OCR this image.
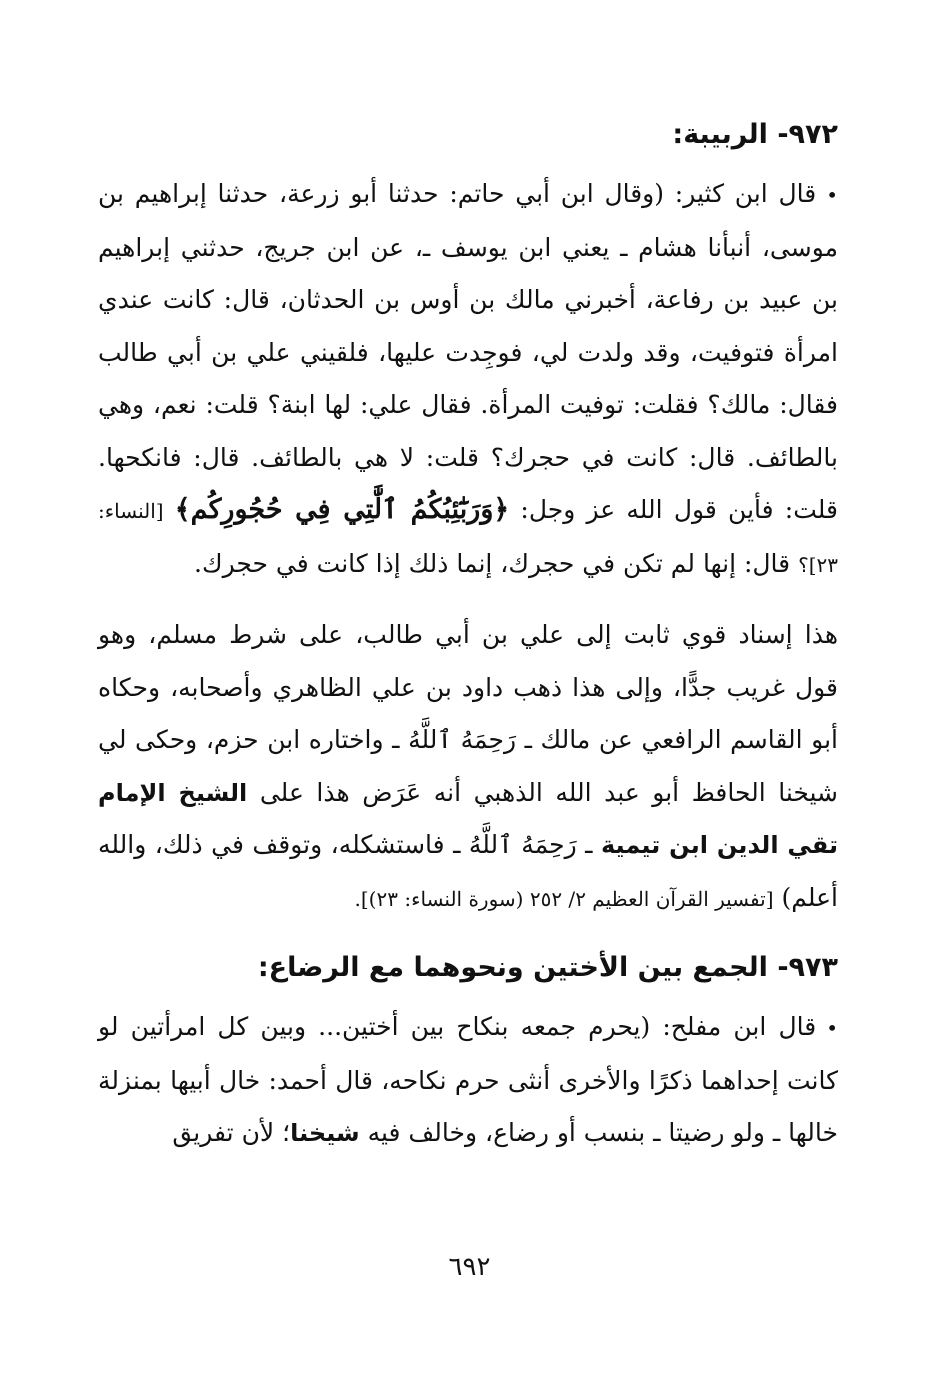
٩٧٢- الربيبة:

•قال ابن كثير: (وقال ابن أبي حاتم: حدثنا أبو زرعة، حدثنا إبراهيم بن موسى، أنبأنا هشام ـ يعني ابن يوسف ـ، عن ابن جريج، حدثني إبراهيم بن عبيد بن رفاعة، أخبرني مالك بن أوس بن الحدثان، قال: كانت عندي امرأة فتوفيت، وقد ولدت لي، فوجِدت عليها، فلقيني علي بن أبي طالب فقال: مالك؟ فقلت: توفيت المرأة. فقال علي: لها ابنة؟ قلت: نعم، وهي بالطائف. قال: كانت في حجرك؟ قلت: لا هي بالطائف. قال: فانكحها. قلت: فأين قول الله عز وجل: ﴿وَرَبَٰٓئِبُكُمُ ٱلَّٰتِي فِي حُجُورِكُم﴾ [النساء: ٢٣]؟ قال: إنها لم تكن في حجرك، إنما ذلك إذا كانت في حجرك.

هذا إسناد قوي ثابت إلى علي بن أبي طالب، على شرط مسلم، وهو قول غريب جدًّا، وإلى هذا ذهب داود بن علي الظاهري وأصحابه، وحكاه أبو القاسم الرافعي عن مالك ـ رَحِمَهُ ٱللَّهُ ـ واختاره ابن حزم، وحكى لي شيخنا الحافظ أبو عبد الله الذهبي أنه عَرَض هذا على الشيخ الإمام تقي الدين ابن تيمية ـ رَحِمَهُ ٱللَّهُ ـ فاستشكله، وتوقف في ذلك، والله أعلم) [تفسير القرآن العظيم ٢/ ٢٥٢ (سورة النساء: ٢٣)].

٩٧٣- الجمع بين الأختين ونحوهما مع الرضاع:

•قال ابن مفلح: (يحرم جمعه بنكاح بين أختين... وبين كل امرأتين لو كانت إحداهما ذكرًا والأخرى أنثى حرم نكاحه، قال أحمد: خال أبيها بمنزلة خالها ـ ولو رضيتا ـ بنسب أو رضاع، وخالف فيه شيخنا؛ لأن تفريق

٦٩٢
